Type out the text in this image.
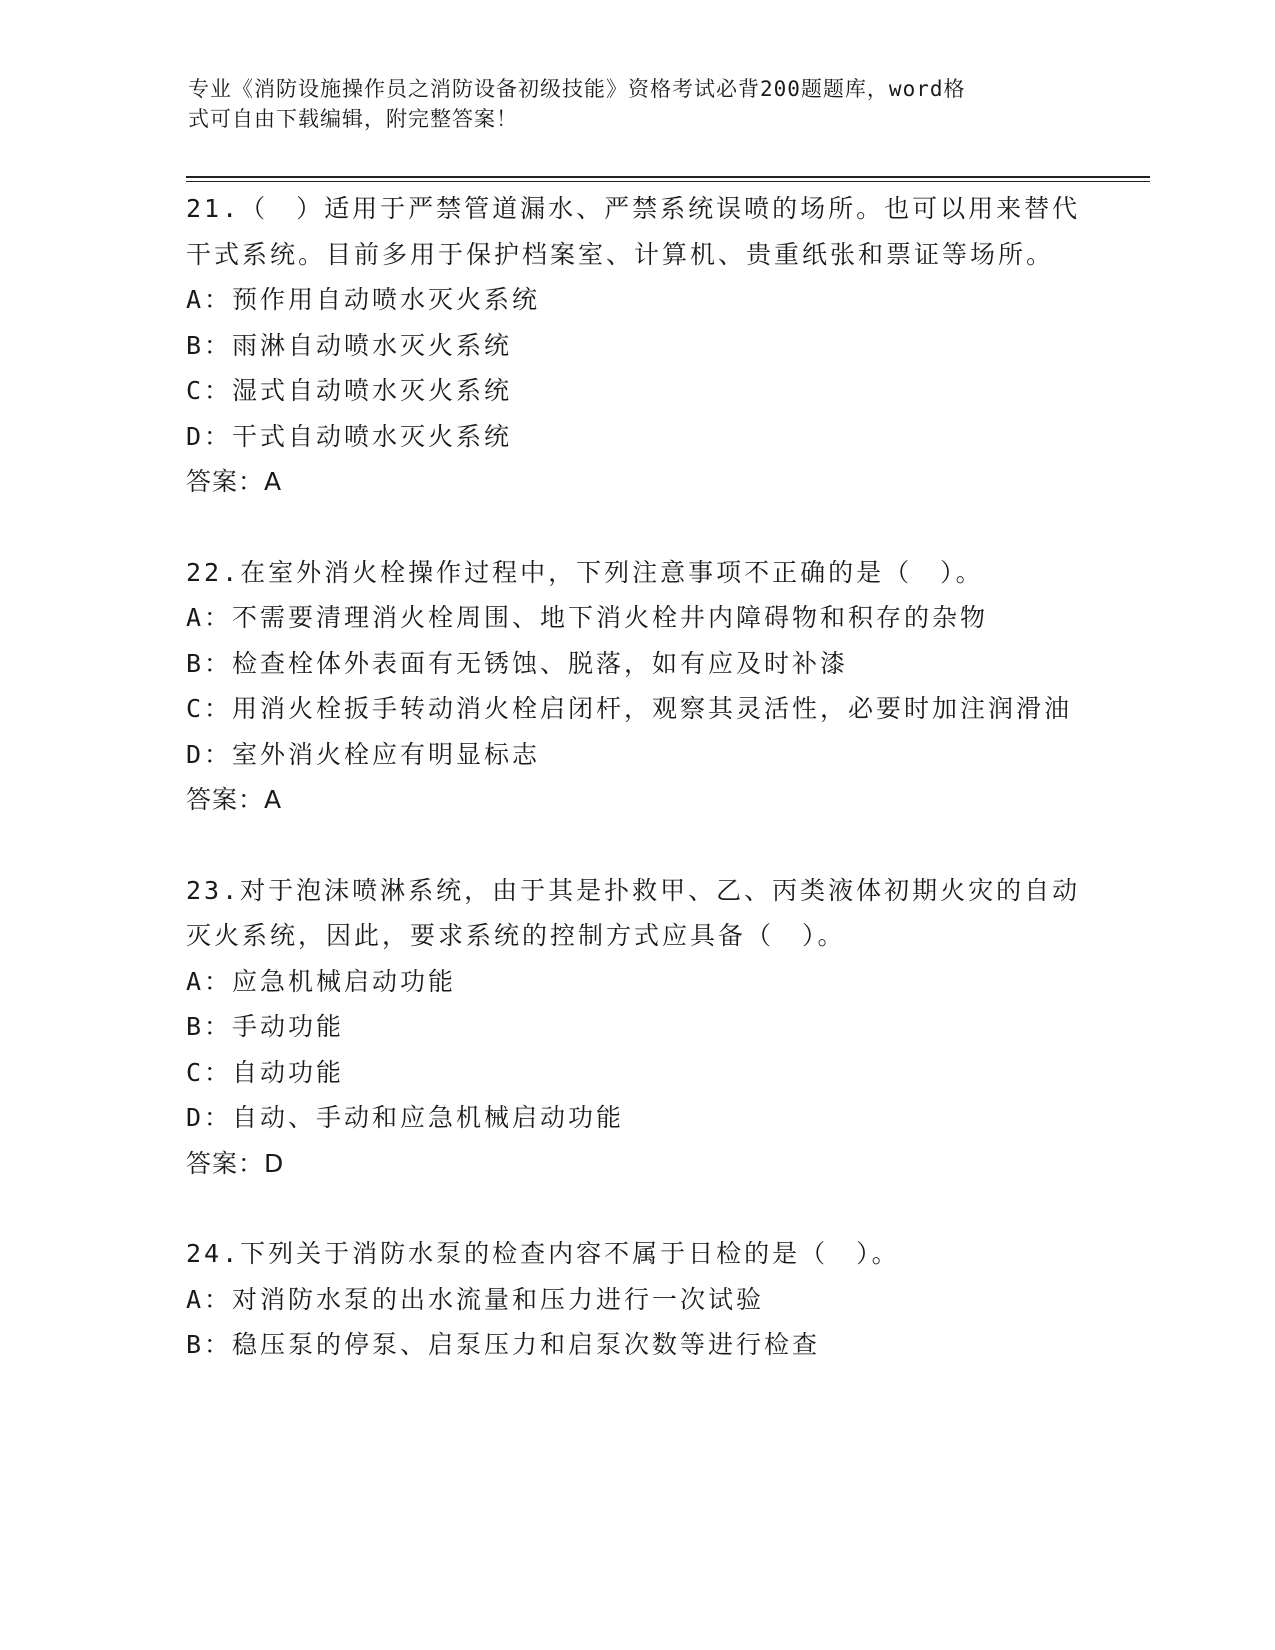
专业《消防设施操作员之消防设备初级技能》资格考试必背200题题库，word格
式可自由下载编辑，附完整答案！

21.（　）适用于严禁管道漏水、严禁系统误喷的场所。也可以用来替代干式系统。目前多用于保护档案室、计算机、贵重纸张和票证等场所。

A：预作用自动喷水灭火系统

B：雨淋自动喷水灭火系统

C：湿式自动喷水灭火系统

D：干式自动喷水灭火系统

答案：A

22.在室外消火栓操作过程中，下列注意事项不正确的是（　）。

A：不需要清理消火栓周围、地下消火栓井内障碍物和积存的杂物

B：检查栓体外表面有无锈蚀、脱落，如有应及时补漆

C：用消火栓扳手转动消火栓启闭杆，观察其灵活性，必要时加注润滑油

D：室外消火栓应有明显标志

答案：A

23.对于泡沫喷淋系统，由于其是扑救甲、乙、丙类液体初期火灾的自动灭火系统，因此，要求系统的控制方式应具备（　）。

A：应急机械启动功能

B：手动功能

C：自动功能

D：自动、手动和应急机械启动功能

答案：D

24.下列关于消防水泵的检查内容不属于日检的是（　）。

A：对消防水泵的出水流量和压力进行一次试验

B：稳压泵的停泵、启泵压力和启泵次数等进行检查
